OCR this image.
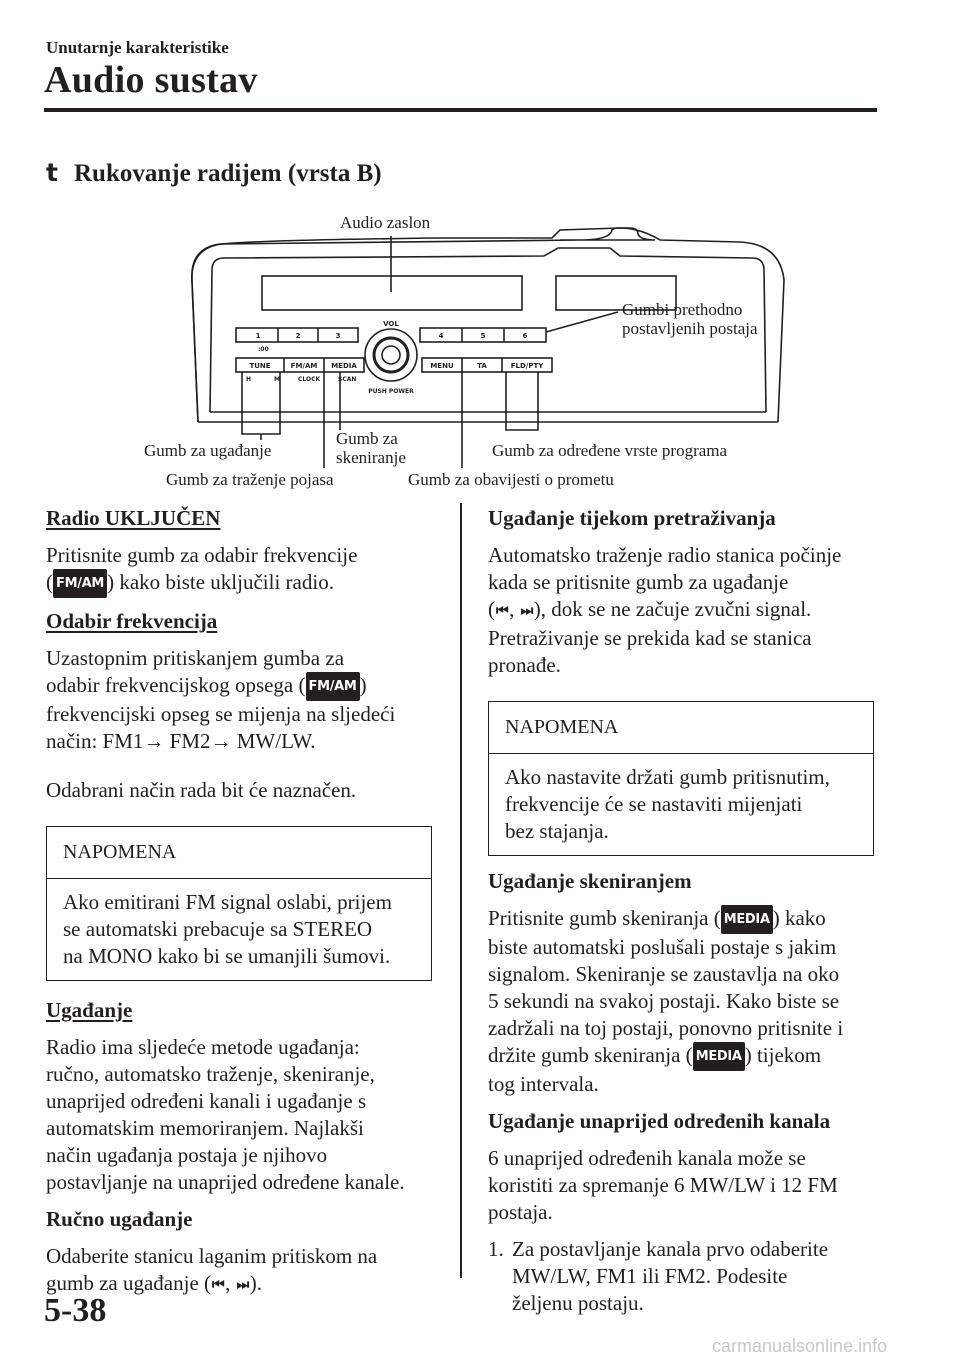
Unutarnje karakteristike
Audio sustav
t Rukovanje radijem (vrsta B)
1	2	3	4	5	6
:00
VOL
PUSH POWER
TUNE	FM/AM MEDIA	MENU	TA	FLD/PTY
H	M	CLOCK	SCAN
Audio zaslon
Gumbi prethodno
postavljenih postaja
Gumb za ugađanje
Gumb za
skeniranje	Gumb za određene vrste programa
Gumb za traženje pojasa	Gumb za obavijesti o prometu

Radio UKLJUČEN

Pritisnite gumb za odabir frekvencije

( FM/AM ) kako biste uključili radio.

Odabir frekvencija

Uzastopnim pritiskanjem gumba za

odabir frekvencijskog opsega ( FM/AM )

frekvencijski opseg se mijenja na sljedeći

način: FM1→ FM2→ MW/LW.

Odabrani način rada bit će naznačen.

NAPOMENA

Ako emitirani FM signal oslabi, prijem

se automatski prebacuje sa STEREO

na MONO kako bi se umanjili šumovi.

Ugađanje

Radio ima sljedeće metode ugađanja:

ručno, automatsko traženje, skeniranje,

unaprijed određeni kanali i ugađanje s

automatskim memoriranjem. Najlakši

način ugađanja postaja je njihovo

postavljanje na unaprijed određene kanale.

Ručno ugađanje

Odaberite stanicu laganim pritiskom na

gumb za ugađanje (⏮, ⏭).

Ugađanje tijekom pretraživanja

Automatsko traženje radio stanica počinje

kada se pritisnite gumb za ugađanje

(⏮, ⏭), dok se ne začuje zvučni signal.

Pretraživanje se prekida kad se stanica

pronađe.

NAPOMENA

Ako nastavite držati gumb pritisnutim,

frekvencije će se nastaviti mijenjati

bez stajanja.

Ugađanje skeniranjem

Pritisnite gumb skeniranja ( MEDIA ) kako

biste automatski poslušali postaje s jakim

signalom. Skeniranje se zaustavlja na oko

5 sekundi na svakoj postaji. Kako biste se

zadržali na toj postaji, ponovno pritisnite i

držite gumb skeniranja ( MEDIA ) tijekom

tog intervala.

Ugađanje unaprijed određenih kanala

6 unaprijed određenih kanala može se

koristiti za spremanje 6 MW/LW i 12 FM

postaja.

1. Za postavljanje kanala prvo odaberite

MW/LW, FM1 ili FM2. Podesite

željenu postaju.

5-38
carmanualsonline.info
